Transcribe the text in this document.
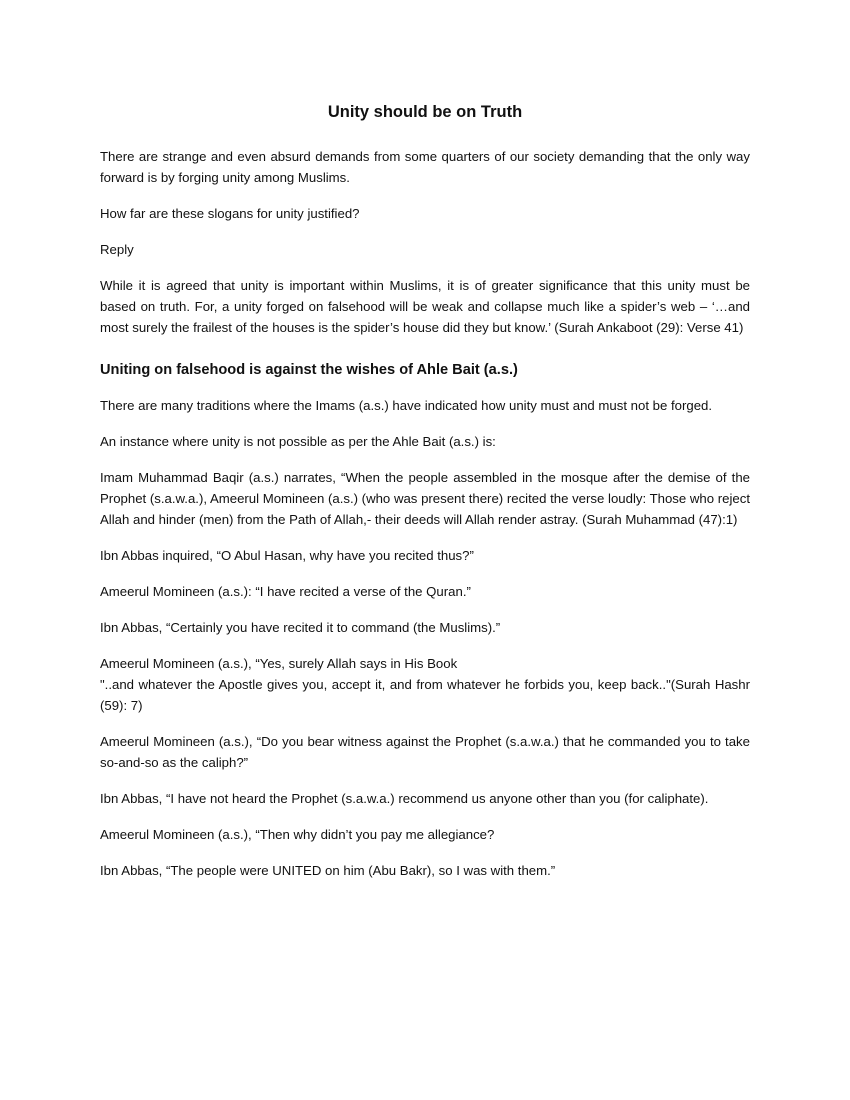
Unity should be on Truth

There are strange and even absurd demands from some quarters of our society demanding that the only way forward is by forging unity among Muslims.

How far are these slogans for unity justified?

Reply

While it is agreed that unity is important within Muslims, it is of greater significance that this unity must be based on truth. For, a unity forged on falsehood will be weak and collapse much like a spider’s web – ‘…and most surely the frailest of the houses is the spider’s house did they but know.’ (Surah Ankaboot (29): Verse 41)

Uniting on falsehood is against the wishes of Ahle Bait (a.s.)

There are many traditions where the Imams (a.s.) have indicated how unity must and must not be forged.

An instance where unity is not possible as per the Ahle Bait (a.s.) is:

Imam Muhammad Baqir (a.s.) narrates, “When the people assembled in the mosque after the demise of the Prophet (s.a.w.a.), Ameerul Momineen (a.s.) (who was present there) recited the verse loudly: Those who reject Allah and hinder (men) from the Path of Allah,- their deeds will Allah render astray. (Surah Muhammad (47):1)

Ibn Abbas inquired, “O Abul Hasan, why have you recited thus?”

Ameerul Momineen (a.s.): “I have recited a verse of the Quran.”

Ibn Abbas, “Certainly you have recited it to command (the Muslims).”

Ameerul Momineen (a.s.), “Yes, surely Allah says in His Book
"..and whatever the Apostle gives you, accept it, and from whatever he forbids you, keep back.."(Surah Hashr (59): 7)

Ameerul Momineen (a.s.), “Do you bear witness against the Prophet (s.a.w.a.) that he commanded you to take so-and-so as the caliph?”

Ibn Abbas, “I have not heard the Prophet (s.a.w.a.) recommend us anyone other than you (for caliphate).

Ameerul Momineen (a.s.), “Then why didn’t you pay me allegiance?

Ibn Abbas, “The people were UNITED on him (Abu Bakr), so I was with them.”
